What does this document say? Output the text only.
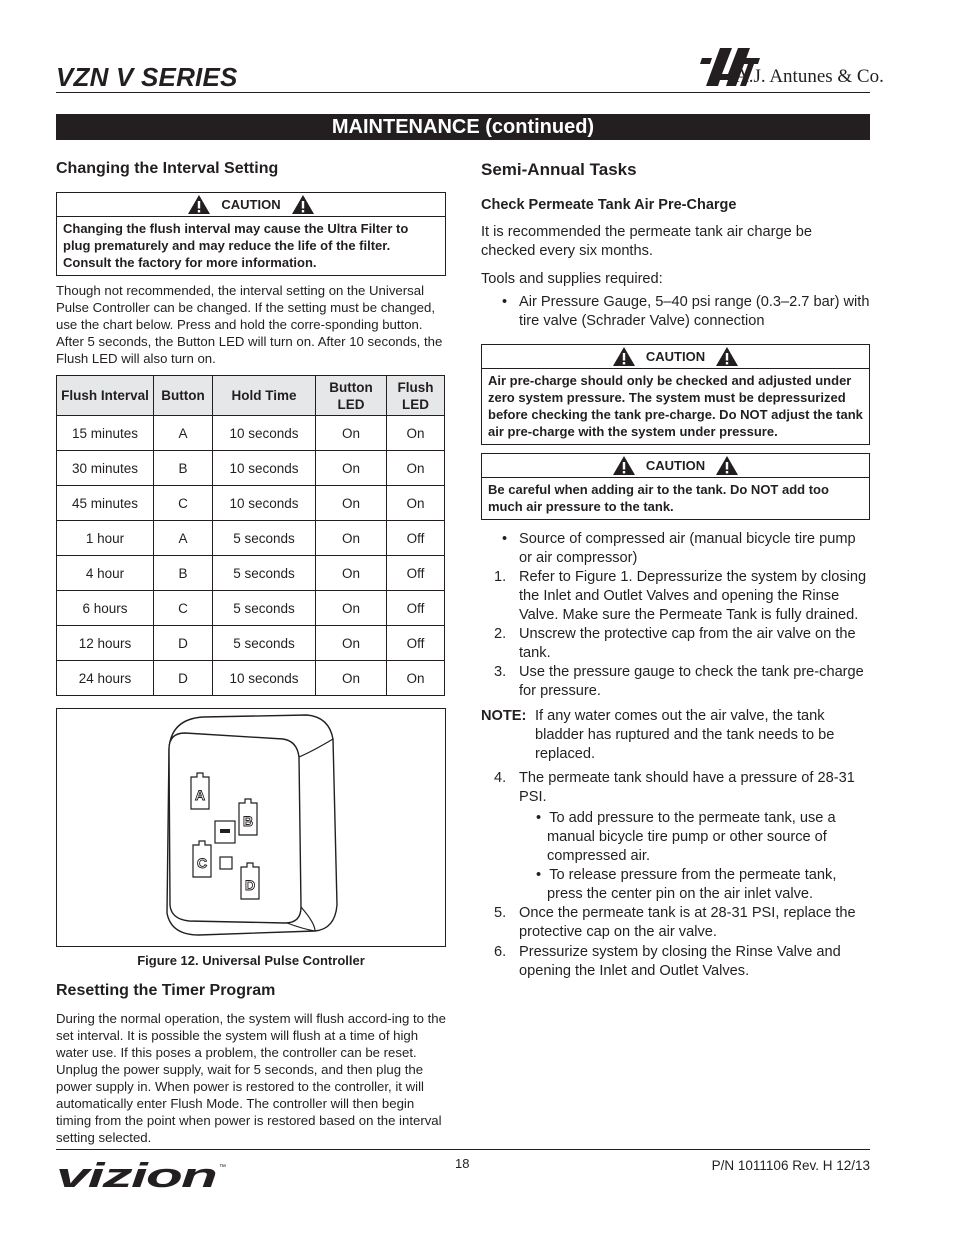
VZN V SERIES	A.J. Antunes & Co.
MAINTENANCE (continued)
Changing the Interval Setting
CAUTION
Changing the flush interval may cause the Ultra Filter to plug prematurely and may reduce the life of the filter. Consult the factory for more information.

Though not recommended, the interval setting on the Universal Pulse Controller can be changed. If the setting must be changed, use the chart below. Press and hold the corre-sponding button. After 5 seconds, the Button LED will turn on. After 10 seconds, the Flush LED will also turn on.

Flush Interval	Button	Hold Time	Button LED	Flush LED
15 minutes	A	10 seconds	On	On
30 minutes	B	10 seconds	On	On
45 minutes	C	10 seconds	On	On
1 hour	A	5 seconds	On	Off
4 hour	B	5 seconds	On	Off
6 hours	C	5 seconds	On	Off
12 hours	D	5 seconds	On	Off
24 hours	D	10 seconds	On	On
A
B
C
D
Figure 12. Universal Pulse Controller
Resetting the Timer Program

During the normal operation, the system will flush accord-ing to the set interval. It is possible the system will flush at a time of high water use. If this poses a problem, the controller can be reset. Unplug the power supply, wait for 5 seconds, and then plug the power supply in. When power is restored to the controller, it will automatically enter Flush Mode. The controller will then begin timing from the point when power is restored based on the interval setting selected.

Semi-Annual Tasks
Check Permeate Tank Air Pre-Charge

It is recommended the permeate tank air charge be checked every six months.

Tools and supplies required:

• Air Pressure Gauge, 5–40 psi range (0.3–2.7 bar) with tire valve (Schrader Valve) connection
CAUTION
Air pre-charge should only be checked and adjusted under zero system pressure. The system must be depressurized before checking the tank pre-charge. Do NOT adjust the tank air pre-charge with the system under pressure.
CAUTION
Be careful when adding air to the tank. Do NOT add too much air pressure to the tank.
• Source of compressed air (manual bicycle tire pump or air compressor)
1. Refer to Figure 1. Depressurize the system by closing the Inlet and Outlet Valves and opening the Rinse Valve. Make sure the Permeate Tank is fully drained.
2. Unscrew the protective cap from the air valve on the tank.
3. Use the pressure gauge to check the tank pre-charge for pressure.
NOTE: If any water comes out the air valve, the tank bladder has ruptured and the tank needs to be replaced.
4. The permeate tank should have a pressure of 28-31 PSI.
•  To add pressure to the permeate tank, use a manual bicycle tire pump or other source of compressed air.
•  To release pressure from the permeate tank, press the center pin on the air inlet valve.
5. Once the permeate tank is at 28-31 PSI, replace the protective cap on the air valve.
6. Pressurize system by closing the Rinse Valve and opening the Inlet and Outlet Valves.
vizion ™	18	P/N 1011106 Rev. H 12/13
